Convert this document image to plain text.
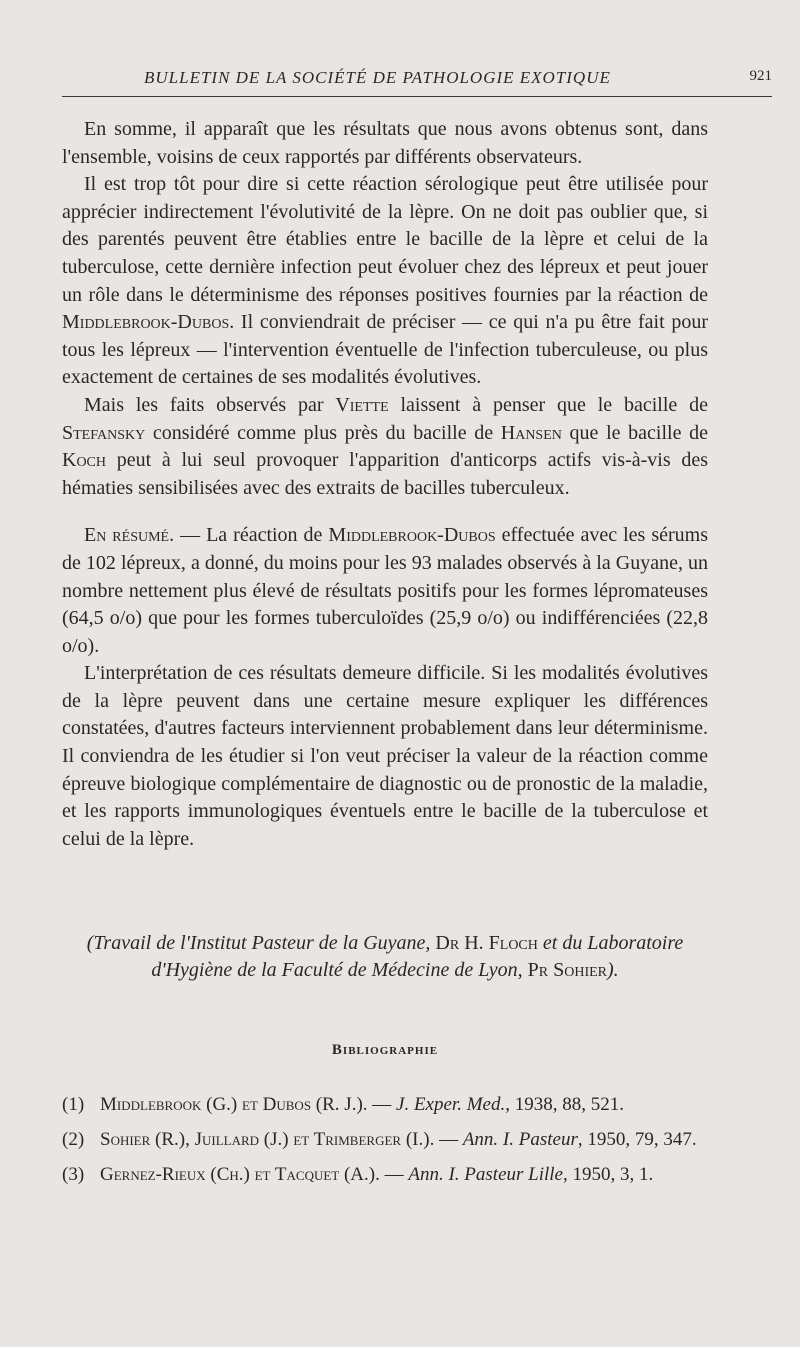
BULLETIN DE LA SOCIÉTÉ DE PATHOLOGIE EXOTIQUE	921

En somme, il apparaît que les résultats que nous avons obtenus sont, dans l'ensemble, voisins de ceux rapportés par différents observateurs.

Il est trop tôt pour dire si cette réaction sérologique peut être utilisée pour apprécier indirectement l'évolutivité de la lèpre. On ne doit pas oublier que, si des parentés peuvent être établies entre le bacille de la lèpre et celui de la tuberculose, cette dernière infection peut évoluer chez des lépreux et peut jouer un rôle dans le déterminisme des réponses positives fournies par la réaction de Middlebrook-Dubos. Il conviendrait de préciser — ce qui n'a pu être fait pour tous les lépreux — l'intervention éventuelle de l'infection tuberculeuse, ou plus exactement de certaines de ses modalités évolutives.

Mais les faits observés par Viette laissent à penser que le bacille de Stefansky considéré comme plus près du bacille de Hansen que le bacille de Koch peut à lui seul provoquer l'apparition d'anticorps actifs vis-à-vis des hématies sensibilisées avec des extraits de bacilles tuberculeux.

En résumé. — La réaction de Middlebrook-Dubos effectuée avec les sérums de 102 lépreux, a donné, du moins pour les 93 malades observés à la Guyane, un nombre nettement plus élevé de résultats positifs pour les formes lépromateuses (64,5 o/o) que pour les formes tuberculoïdes (25,9 o/o) ou indifférenciées (22,8 o/o).

L'interprétation de ces résultats demeure difficile. Si les modalités évolutives de la lèpre peuvent dans une certaine mesure expliquer les différences constatées, d'autres facteurs interviennent probablement dans leur déterminisme. Il conviendra de les étudier si l'on veut préciser la valeur de la réaction comme épreuve biologique complémentaire de diagnostic ou de pronostic de la maladie, et les rapports immunologiques éventuels entre le bacille de la tuberculose et celui de la lèpre.

(Travail de l'Institut Pasteur de la Guyane, Dr H. Floch et du Laboratoire d'Hygiène de la Faculté de Médecine de Lyon, Pr Sohier).
Bibliographie
(1) Middlebrook (G.) et Dubos (R. J.). — J. Exper. Med., 1938, 88, 521.
(2) Sohier (R.), Juillard (J.) et Trimberger (I.). — Ann. I. Pasteur, 1950, 79, 347.
(3) Gernez-Rieux (Ch.) et Tacquet (A.). — Ann. I. Pasteur Lille, 1950, 3, 1.
